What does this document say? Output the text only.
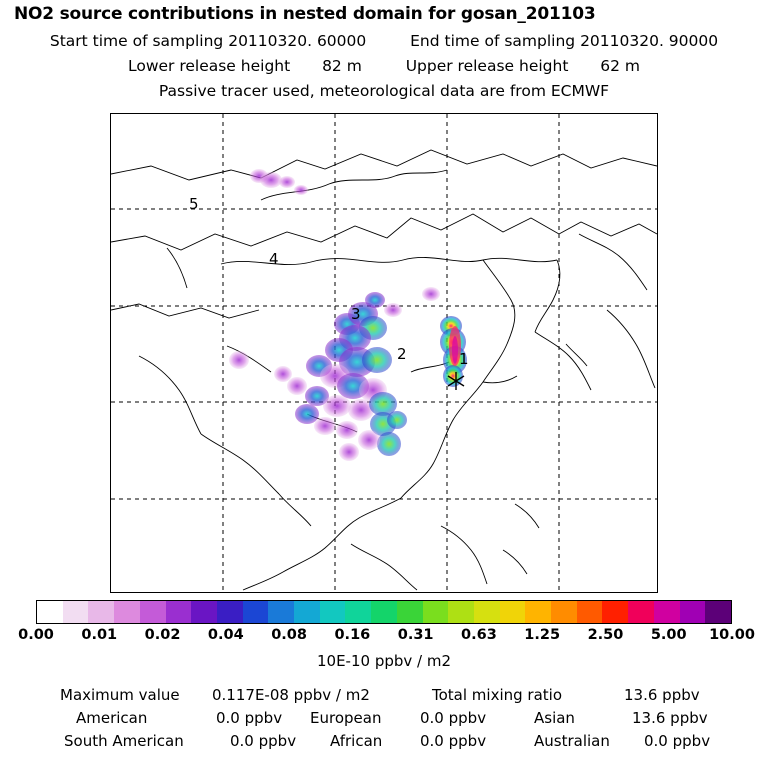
NO2 source contributions in nested domain for gosan_201103
Start time of sampling 20110320. 60000	End time of sampling 20110320. 90000
Lower release height 82 m	Upper release height 62 m
Passive tracer used, meteorological data are from ECMWF
1
2
3
4
5
0.00 0.01 0.02 0.04 0.08 0.16 0.31 0.63 1.25 2.50 5.00 10.00
10E-10 ppbv / m2
Maximum value 0.117E-08 ppbv / m2	Total mixing ratio	13.6 ppbv
American	0.0 ppbv European	0.0 ppbv	Asian	13.6 ppbv
South American	0.0 ppbv African	0.0 ppbv	Australian 0.0 ppbv
